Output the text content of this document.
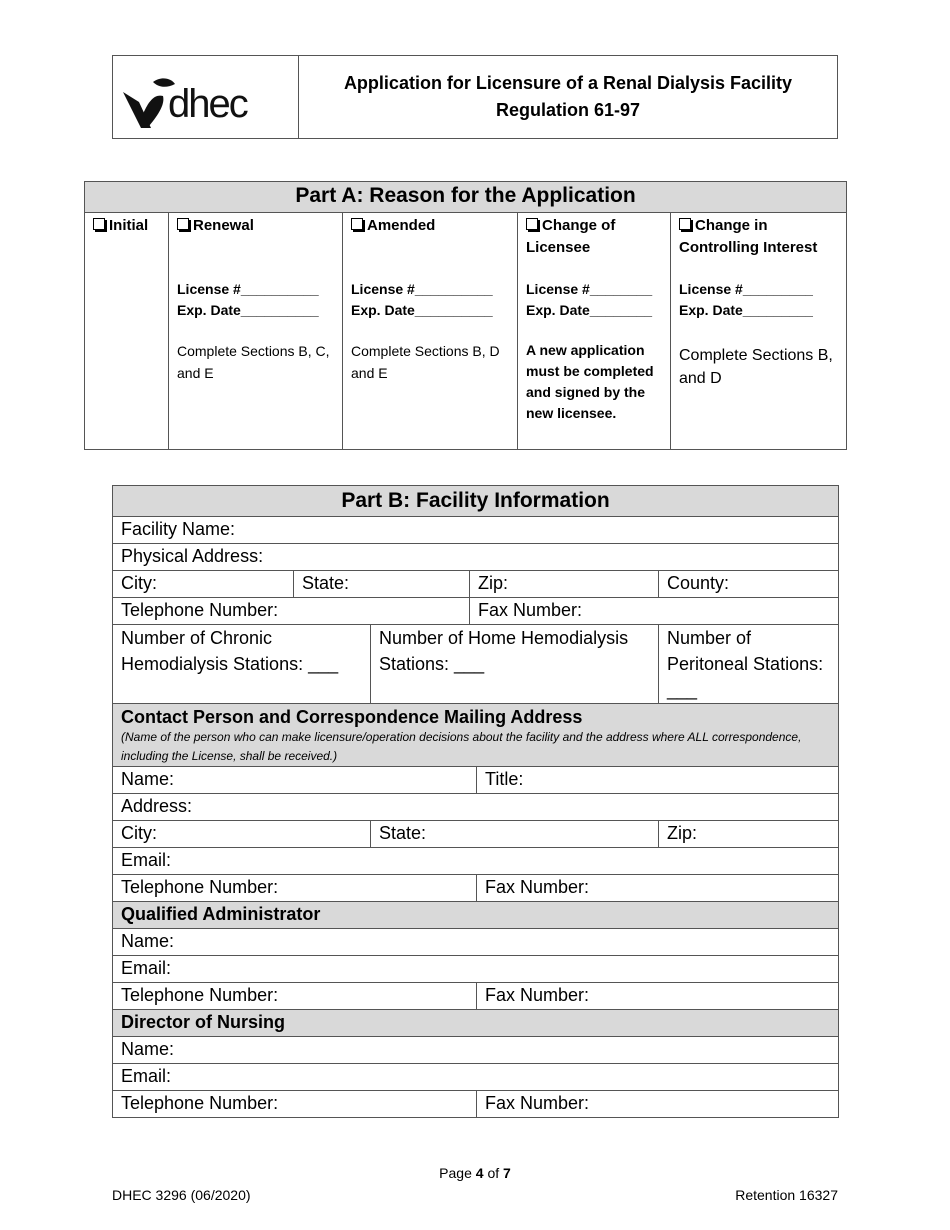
dhec	Application for Licensure of a Renal Dialysis Facility
Regulation 61-97
Part A: Reason for the Application

Initial	Renewal
License #__________
Exp. Date__________
Complete Sections B, C, and E

Amended
License #__________
Exp. Date__________
Complete Sections B, D and E

Change of Licensee
License #________
Exp. Date________
A new application must be completed and signed by the new licensee.

Change in Controlling Interest
License #_________
Exp. Date_________
Complete Sections B, and D
Part B: Facility Information					
Facility Name:					
Physical Address:					
City:	State:		Zip:		County:
Telephone Number:			Fax Number:		
Number of Chronic Hemodialysis Stations: ___		Number of Home Hemodialysis Stations: ___			Number of Peritoneal Stations: ___

Contact Person and Correspondence Mailing Address
(Name of the person who can make licensure/operation decisions about the facility and the address where ALL correspondence, including the License, shall be received.)					

Name:				Title:	
Address:					
City:		State:			Zip:
Email:					
Telephone Number:				Fax Number:	
Qualified Administrator					
Name:					
Email:					
Telephone Number:				Fax Number:	
Director of Nursing					
Name:					
Email:					
Telephone Number:				Fax Number:	
Page 4 of 7
DHEC 3296 (06/2020)	Retention 16327
